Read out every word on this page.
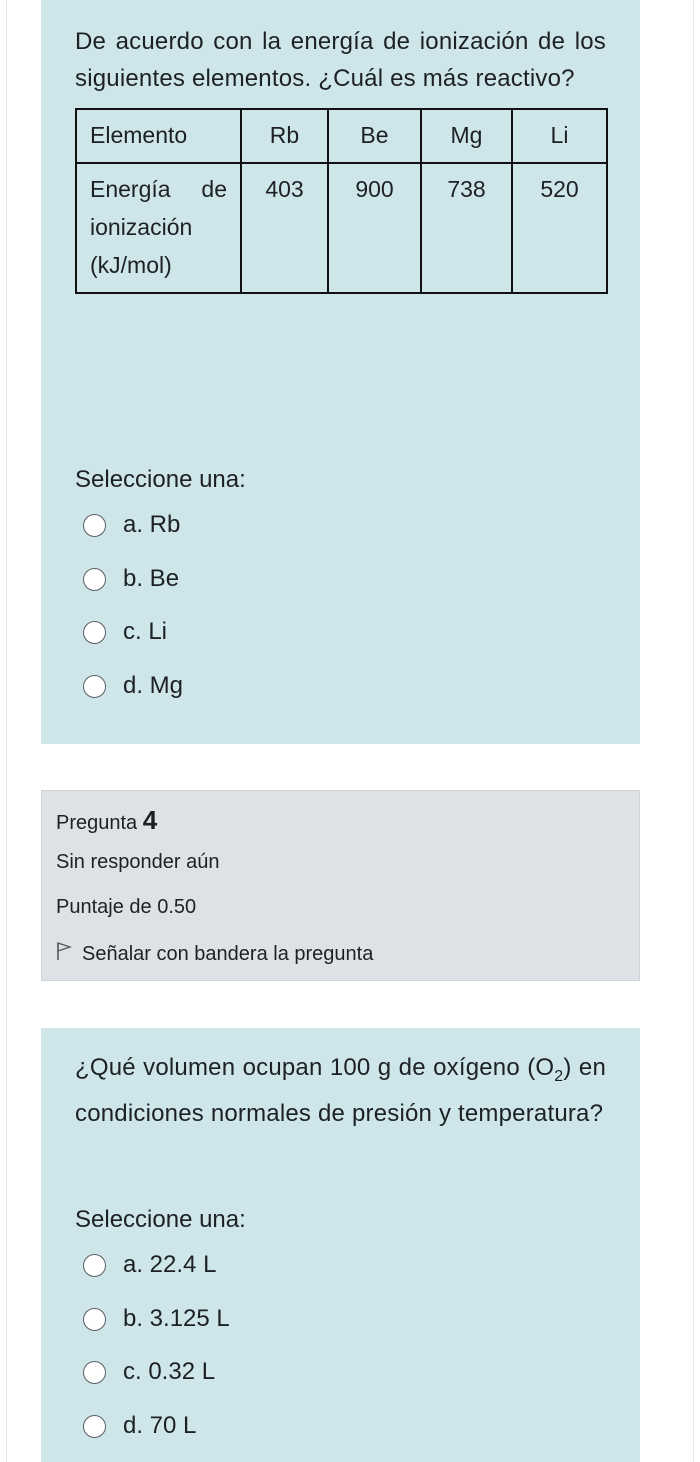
De acuerdo con la energía de ionización de los siguientes elementos. ¿Cuál es más reactivo?

Elemento	Rb	Be	Mg	Li
Energía de ionización (kJ/mol)	403	900	738	520

Seleccione una:

a. Rb
b. Be
c. Li
d. Mg
Pregunta 4
Sin responder aún
Puntaje de 0.50
Señalar con bandera la pregunta

¿Qué volumen ocupan 100 g de oxígeno $(O_2)$ en condiciones normales de presión y temperatura?

Seleccione una:

a. 22.4 L
b. 3.125 L
c. 0.32 L
d. 70 L
